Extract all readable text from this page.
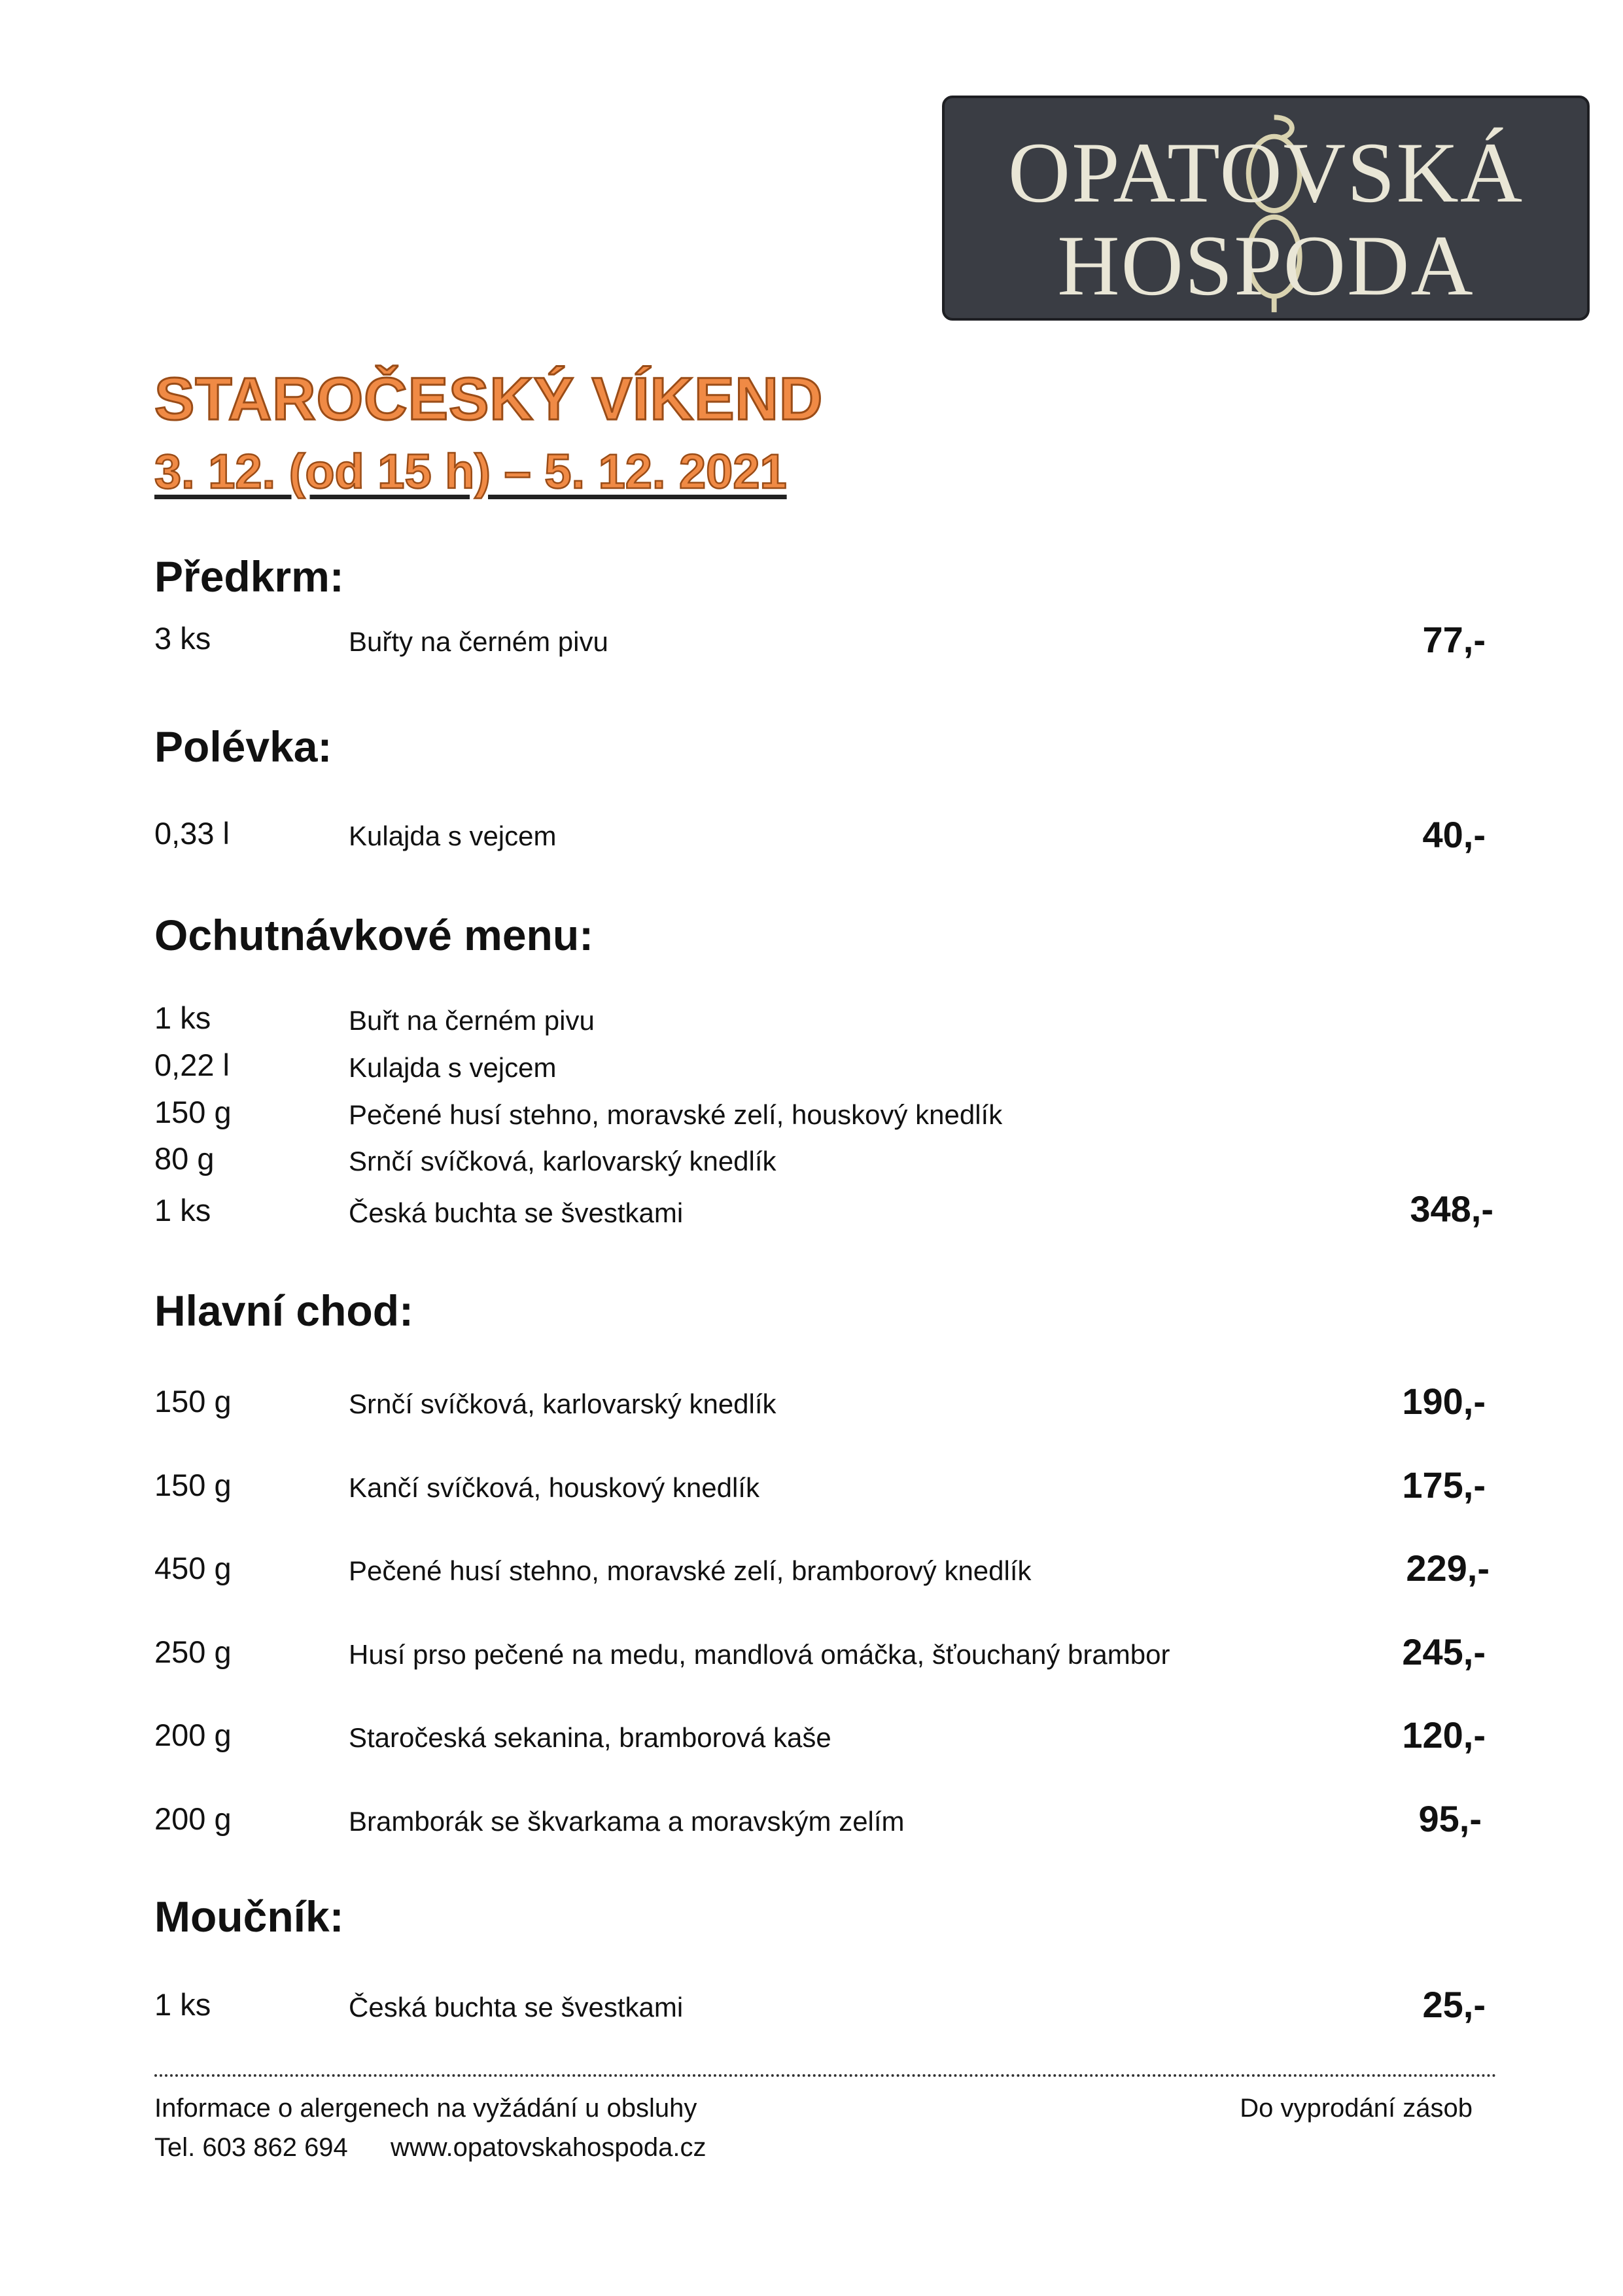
OPATOVSKÁ
HOSPODA
STAROČESKÝ VÍKEND
3. 12. (od 15 h) – 5. 12. 2021
Předkrm:
3 ks	Buřty na černém pivu	77,-
Polévka:
0,33 l	Kulajda s vejcem	40,-
Ochutnávkové menu:
1 ks	Buřt na černém pivu
0,22 l	Kulajda s vejcem
150 g	Pečené husí stehno, moravské zelí, houskový knedlík
80 g	Srnčí svíčková, karlovarský knedlík
1 ks	Česká buchta se švestkami	348,-
Hlavní chod:
150 g	Srnčí svíčková, karlovarský knedlík	190,-
150 g	Kančí svíčková, houskový knedlík	175,-
450 g	Pečené husí stehno, moravské zelí, bramborový knedlík	229,-
250 g	Husí prso pečené na medu, mandlová omáčka, šťouchaný brambor	245,-
200 g	Staročeská sekanina, bramborová kaše	120,-
200 g	Bramborák se škvarkama a moravským zelím	95,-
Moučník:
1 ks	Česká buchta se švestkami	25,-
Informace o alergenech na vyžádání u obsluhy
Tel. 603 862 694 www.opatovskahospoda.cz
Do vyprodání zásob
